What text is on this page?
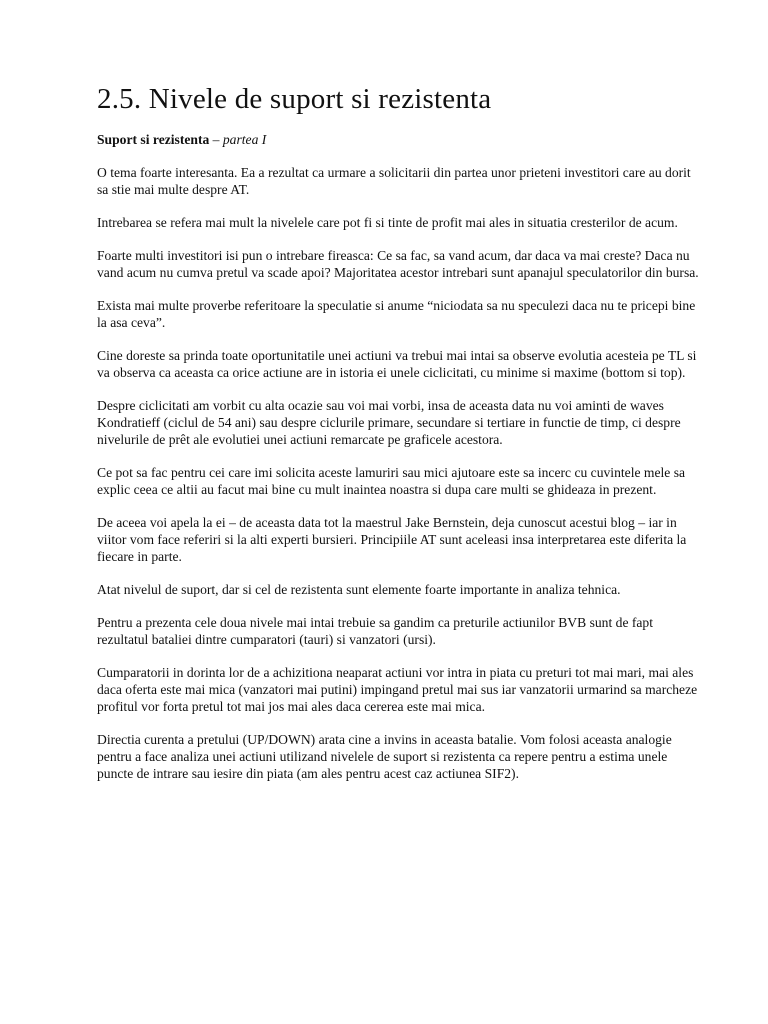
2.5. Nivele de suport si rezistenta

Suport si rezistenta – partea I

O tema foarte interesanta. Ea a rezultat ca urmare a solicitarii din partea unor prieteni investitori care au dorit sa stie mai multe despre AT.

Intrebarea se refera mai mult la nivelele care pot fi si tinte de profit mai ales in situatia cresterilor de acum.

Foarte multi investitori isi pun o intrebare fireasca: Ce sa fac, sa vand acum, dar daca va mai creste? Daca nu vand acum nu cumva pretul va scade apoi? Majoritatea acestor intrebari sunt apanajul speculatorilor din bursa.

Exista mai multe proverbe referitoare la speculatie si anume “niciodata sa nu speculezi daca nu te pricepi bine la asa ceva”.

Cine doreste sa prinda toate oportunitatile unei actiuni va trebui mai intai sa observe evolutia acesteia pe TL si va observa ca aceasta ca orice actiune are in istoria ei unele ciclicitati, cu minime si maxime (bottom si top).

Despre ciclicitati am vorbit cu alta ocazie sau voi mai vorbi, insa de aceasta data nu voi aminti de waves Kondratieff (ciclul de 54 ani) sau despre ciclurile primare, secundare si tertiare in functie de timp, ci despre nivelurile de prêt ale evolutiei unei actiuni remarcate pe graficele acestora.

Ce pot sa fac pentru cei care imi solicita aceste lamuriri sau mici ajutoare este sa incerc cu cuvintele mele sa explic ceea ce altii au facut mai bine cu mult inaintea noastra si dupa care multi se ghideaza in prezent.

De aceea voi apela la ei – de aceasta data tot la maestrul Jake Bernstein, deja cunoscut acestui blog – iar in viitor vom face referiri si la alti experti bursieri. Principiile AT sunt aceleasi insa interpretarea este diferita la fiecare in parte.

Atat nivelul de suport, dar si cel de rezistenta sunt elemente foarte importante in analiza tehnica.

Pentru a prezenta cele doua nivele mai intai trebuie sa gandim ca preturile actiunilor BVB sunt de fapt rezultatul bataliei dintre cumparatori (tauri) si vanzatori (ursi).

Cumparatorii in dorinta lor de a achizitiona neaparat actiuni vor intra in piata cu preturi tot mai mari, mai ales daca oferta este mai mica (vanzatori mai putini) impingand pretul mai sus iar vanzatorii urmarind sa marcheze profitul vor forta pretul tot mai jos mai ales daca cererea este mai mica.

Directia curenta a pretului (UP/DOWN) arata cine a invins in aceasta batalie. Vom folosi aceasta analogie pentru a face analiza unei actiuni utilizand nivelele de suport si rezistenta ca repere pentru a estima unele puncte de intrare sau iesire din piata (am ales pentru acest caz actiunea SIF2).
